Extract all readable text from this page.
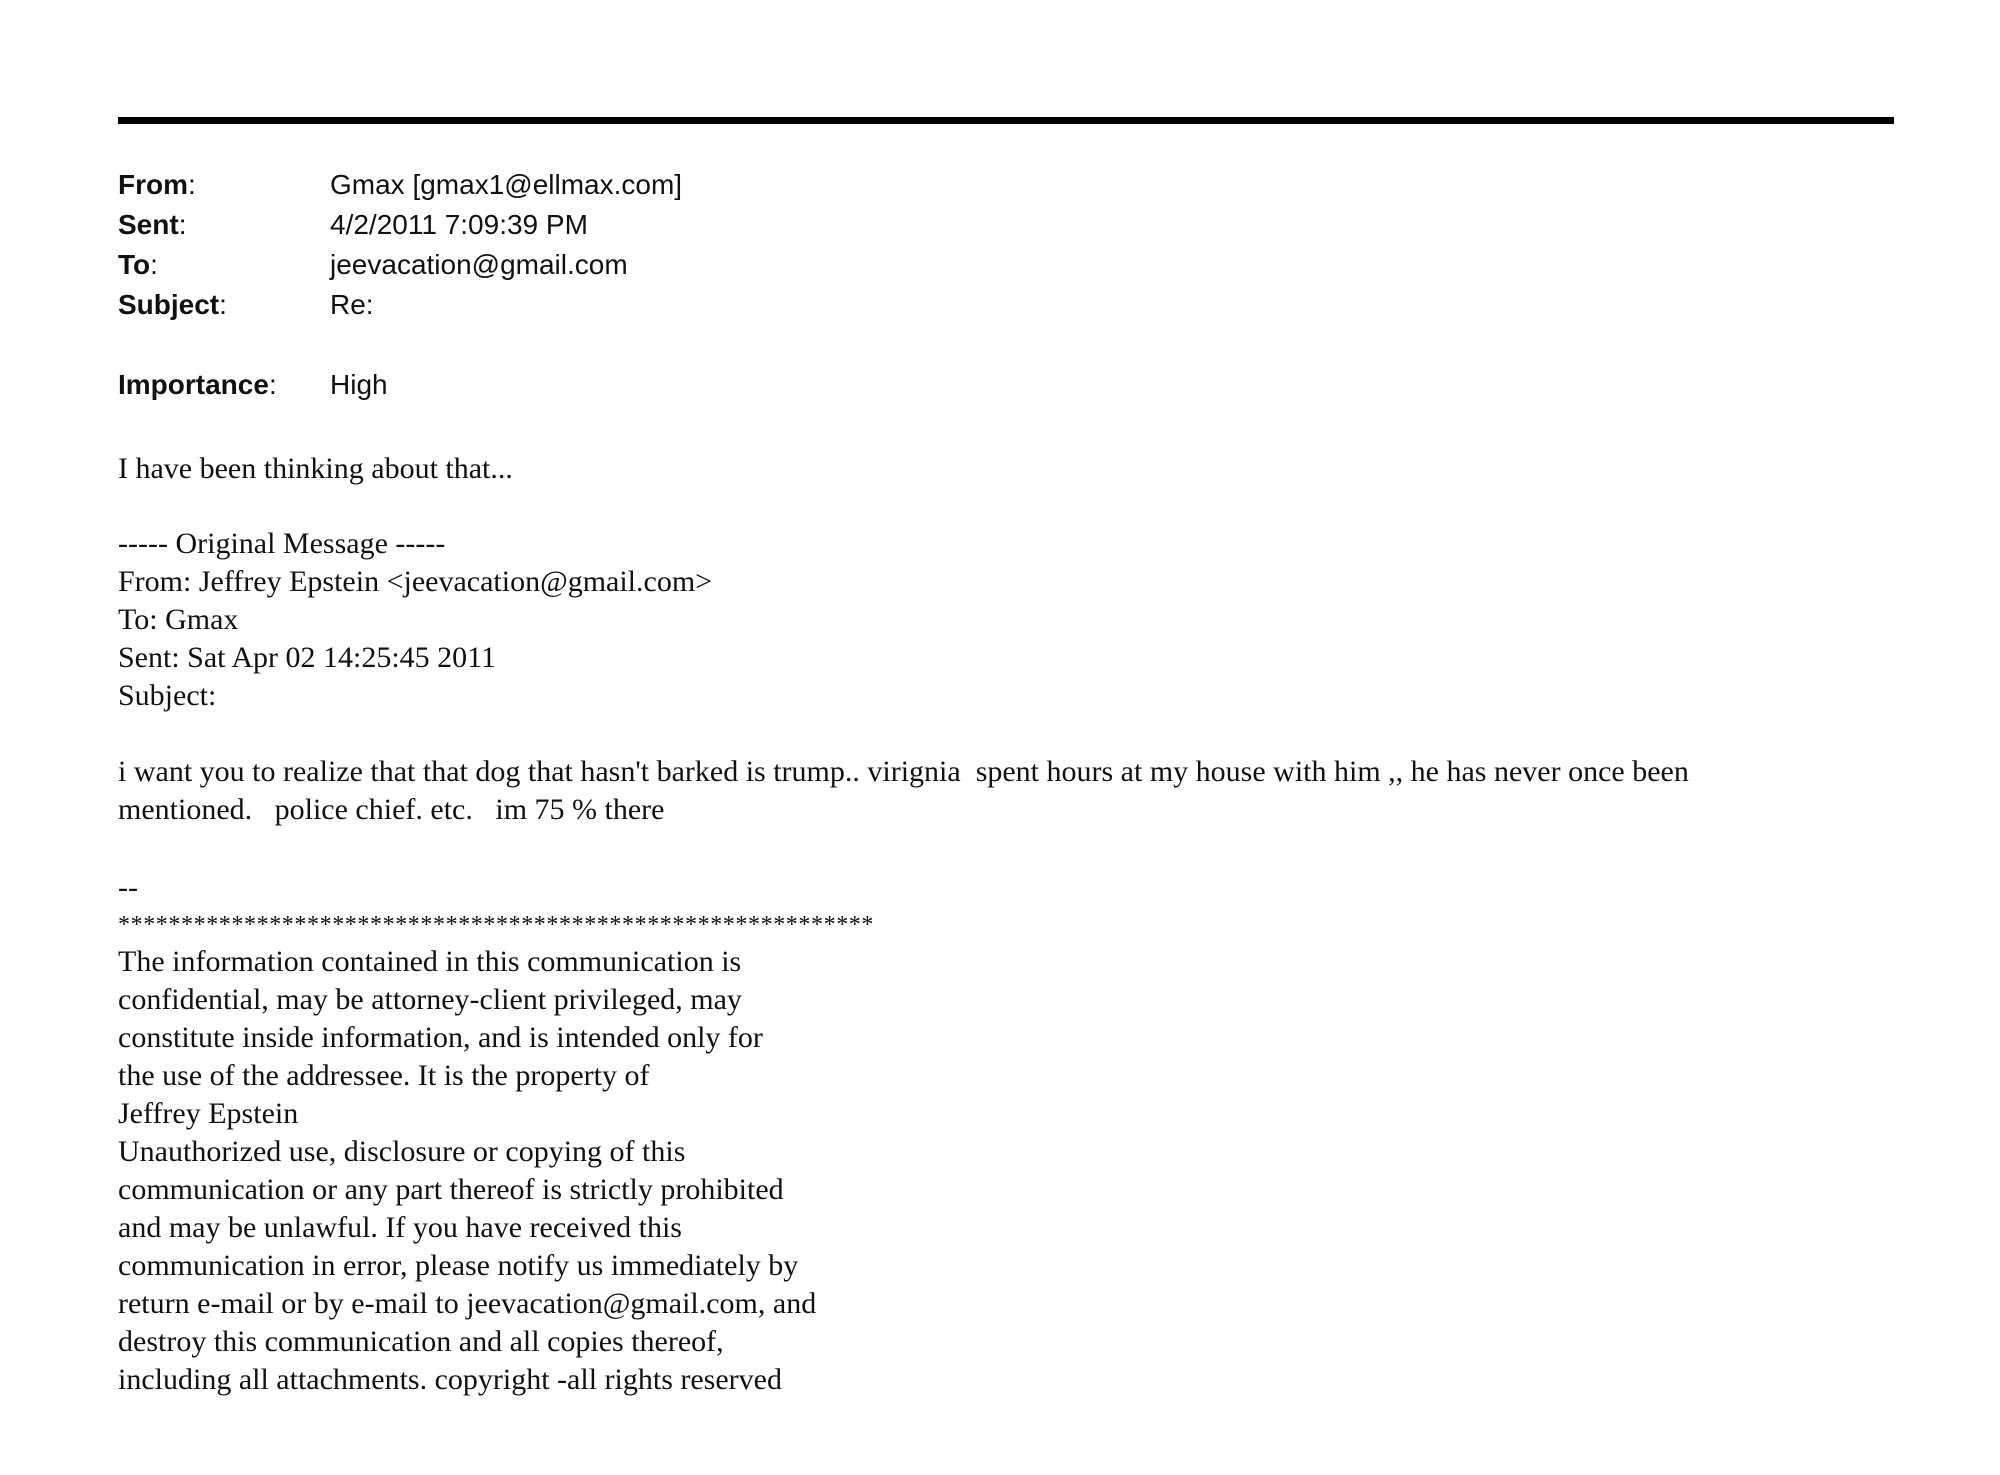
From:	Gmax [gmax1@ellmax.com]
Sent:	4/2/2011 7:09:39 PM
To:	jeevacation@gmail.com
Subject:	Re:
Importance: High
I have been thinking about that...
----- Original Message -----
From: Jeffrey Epstein <jeevacation@gmail.com>
To: Gmax
Sent: Sat Apr 02 14:25:45 2011
Subject:
i want you to realize that that dog that hasn't barked is trump.. virignia  spent hours at my house with him ,, he has never once been
mentioned.   police chief. etc.   im 75 % there
--
************************************************************
The information contained in this communication is
confidential, may be attorney-client privileged, may
constitute inside information, and is intended only for
the use of the addressee. It is the property of
Jeffrey Epstein
Unauthorized use, disclosure or copying of this
communication or any part thereof is strictly prohibited
and may be unlawful. If you have received this
communication in error, please notify us immediately by
return e-mail or by e-mail to jeevacation@gmail.com, and
destroy this communication and all copies thereof,
including all attachments. copyright -all rights reserved
